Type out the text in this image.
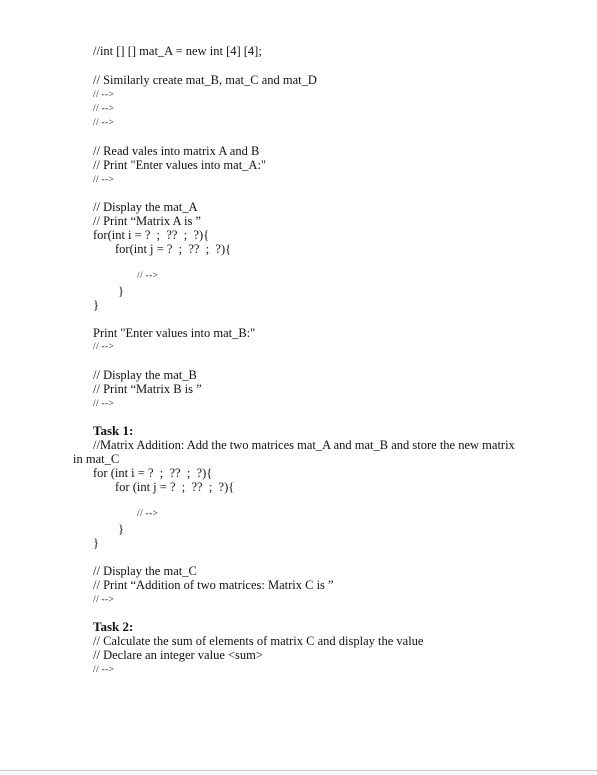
//int [] [] mat_A = new int [4] [4];
// Similarly create mat_B, mat_C and mat_D
// -->
// -->
// -->
// Read vales into matrix A and B
// Print "Enter values into mat_A:"
// -->
// Display the mat_A
// Print “Matrix A is ”
for(int i = ?  ;  ??  ;  ?){
for(int j = ?  ;  ??  ;  ?){
// -->
}
}
Print "Enter values into mat_B:"
// -->
// Display the mat_B
// Print “Matrix B is ”
// -->
Task 1:
//Matrix Addition: Add the two matrices mat_A and mat_B and store the new matrix
in mat_C
for (int i = ?  ;  ??  ;  ?){
for (int j = ?  ;  ??  ;  ?){
// -->
}
}
// Display the mat_C
// Print “Addition of two matrices: Matrix C is ”
// -->
Task 2:
// Calculate the sum of elements of matrix C and display the value
// Declare an integer value <sum>
// -->
